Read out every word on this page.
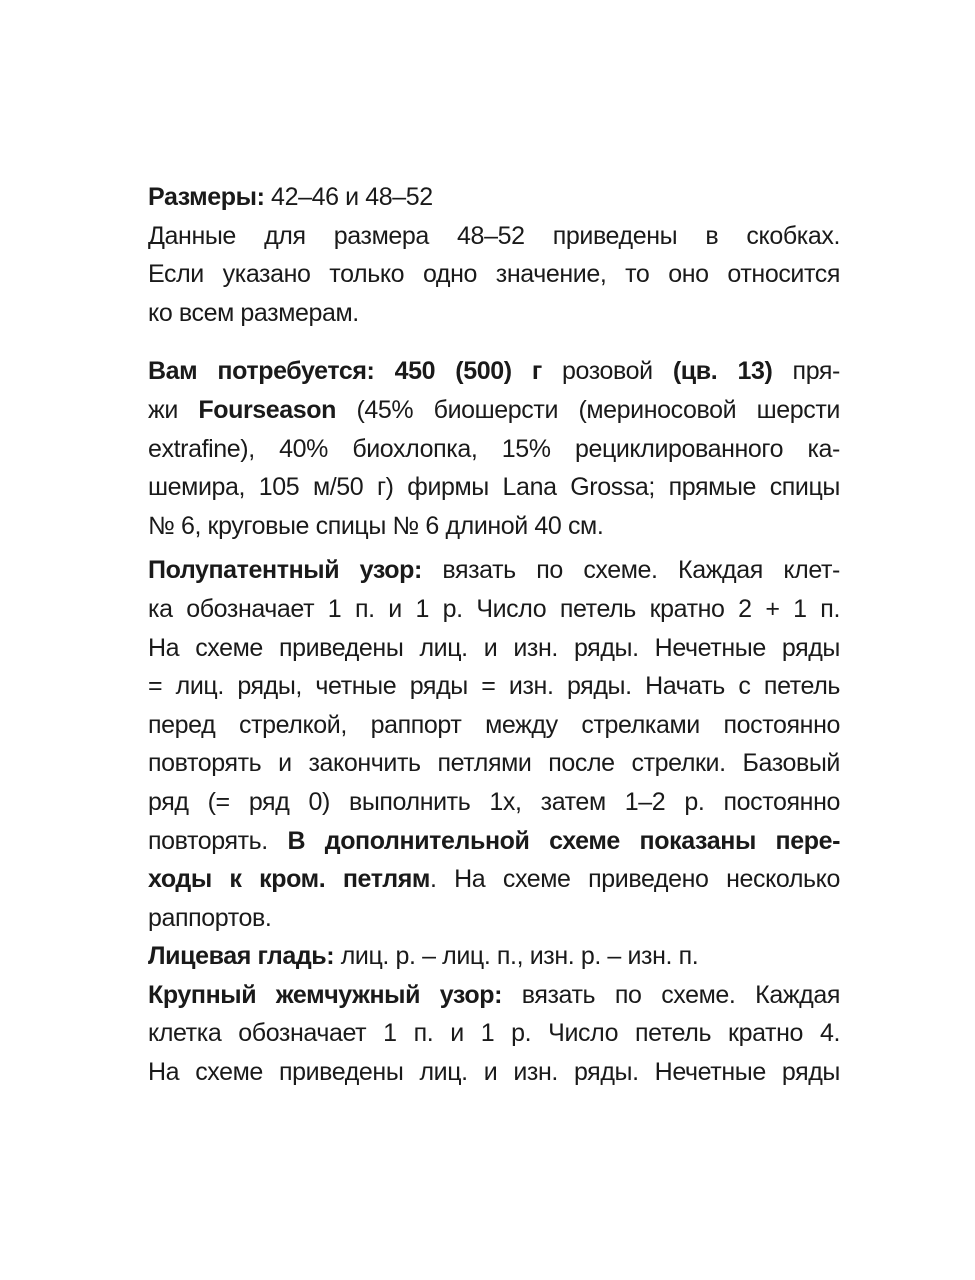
Размеры: 42–46 и 48–52
Данные для размера 48–52 приведены в скобках.
Если указано только одно значение, то оно относится
ко всем размерам.
Вам потребуется: 450 (500) г розовой (цв. 13) пря-
жи Fourseason (45% биошерсти (мериносовой шерсти
extrafine), 40% биохлопка, 15% рециклированного ка-
шемира, 105 м/50 г) фирмы Lana Grossa; прямые спицы
№ 6, круговые спицы № 6 длиной 40 см.
Полупатентный узор: вязать по схеме. Каждая клет-
ка обозначает 1 п. и 1 р. Число петель кратно 2 + 1 п.
На схеме приведены лиц. и изн. ряды. Нечетные ряды
= лиц. ряды, четные ряды = изн. ряды. Начать с петель
перед стрелкой, раппорт между стрелками постоянно
повторять и закончить петлями после стрелки. Базовый
ряд (= ряд 0) выполнить 1х, затем 1–2 р. постоянно
повторять. В дополнительной схеме показаны пере-
ходы к кром. петлям. На схеме приведено несколько
раппортов.
Лицевая гладь: лиц. р. – лиц. п., изн. р. – изн. п.
Крупный жемчужный узор: вязать по схеме. Каждая
клетка обозначает 1 п. и 1 р. Число петель кратно 4.
На схеме приведены лиц. и изн. ряды. Нечетные ряды
